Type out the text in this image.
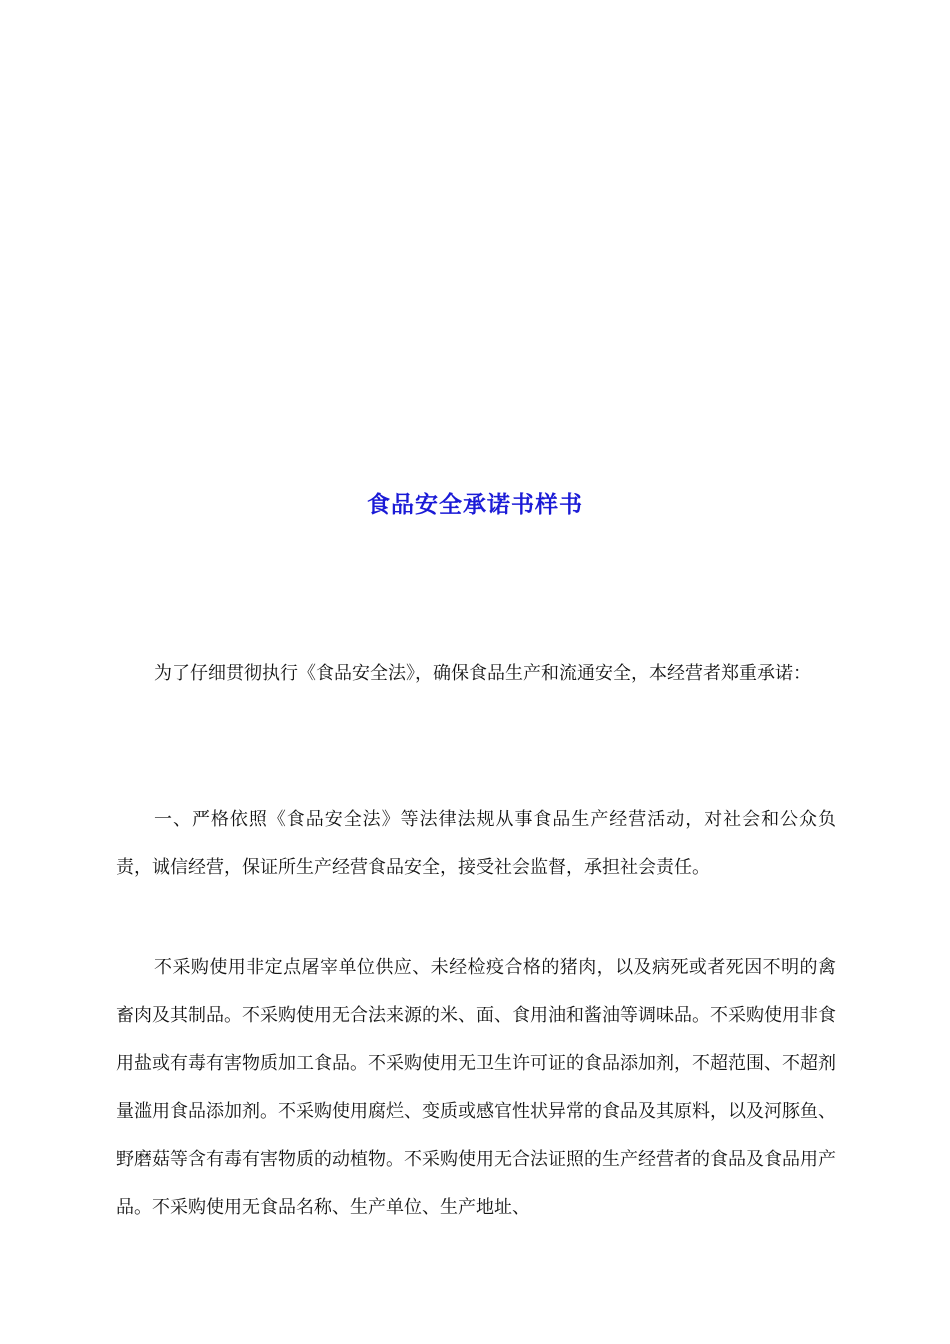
食品安全承诺书样书

为了仔细贯彻执行《食品安全法》，确保食品生产和流通安全，本经营者郑重承诺：

一、严格依照《食品安全法》等法律法规从事食品生产经营活动，对社会和公众负责，诚信经营，保证所生产经营食品安全，接受社会监督，承担社会责任。

不采购使用非定点屠宰单位供应、未经检疫合格的猪肉，以及病死或者死因不明的禽畜肉及其制品。不采购使用无合法来源的米、面、食用油和酱油等调味品。不采购使用非食用盐或有毒有害物质加工食品。不采购使用无卫生许可证的食品添加剂，不超范围、不超剂量滥用食品添加剂。不采购使用腐烂、变质或感官性状异常的食品及其原料，以及河豚鱼、野磨菇等含有毒有害物质的动植物。不采购使用无合法证照的生产经营者的食品及食品用产品。不采购使用无食品名称、生产单位、生产地址、
